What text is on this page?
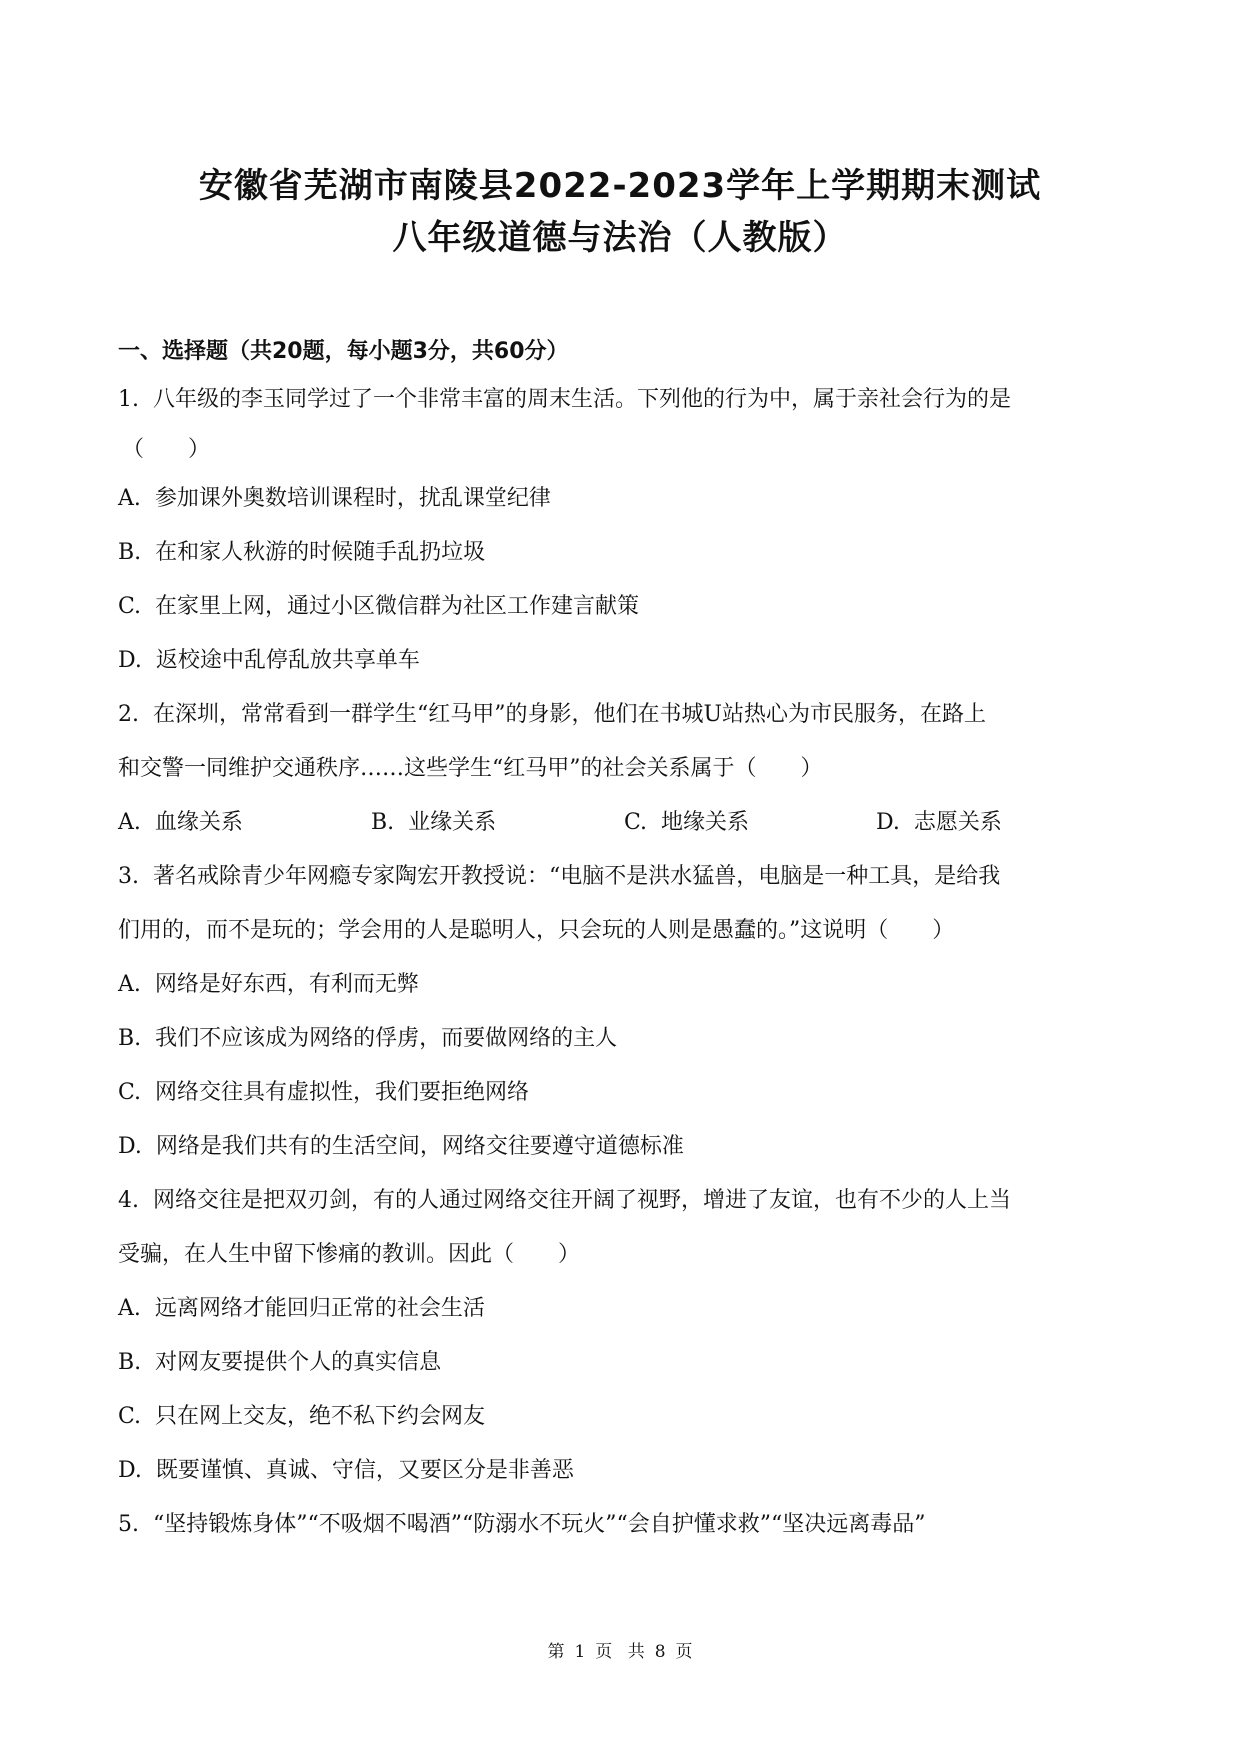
安徽省芜湖市南陵县2022-2023学年上学期期末测试
八年级道德与法治（人教版）
一、选择题（共20题，每小题3分，共60分）
1. 八年级的李玉同学过了一个非常丰富的周末生活。下列他的行为中，属于亲社会行为的是
（　　）
A. 参加课外奥数培训课程时，扰乱课堂纪律
B. 在和家人秋游的时候随手乱扔垃圾
C. 在家里上网，通过小区微信群为社区工作建言献策
D. 返校途中乱停乱放共享单车
2. 在深圳，常常看到一群学生“红马甲”的身影，他们在书城U站热心为市民服务，在路上
和交警一同维护交通秩序……这些学生“红马甲”的社会关系属于（　　）
A. 血缘关系	B. 业缘关系	C. 地缘关系	D. 志愿关系
3. 著名戒除青少年网瘾专家陶宏开教授说：“电脑不是洪水猛兽，电脑是一种工具，是给我
们用的，而不是玩的；学会用的人是聪明人，只会玩的人则是愚蠢的。”这说明（　　）
A. 网络是好东西，有利而无弊
B. 我们不应该成为网络的俘虏，而要做网络的主人
C. 网络交往具有虚拟性，我们要拒绝网络
D. 网络是我们共有的生活空间，网络交往要遵守道德标准
4. 网络交往是把双刃剑，有的人通过网络交往开阔了视野，增进了友谊，也有不少的人上当
受骗，在人生中留下惨痛的教训。因此（　　）
A. 远离网络才能回归正常的社会生活
B. 对网友要提供个人的真实信息
C. 只在网上交友，绝不私下约会网友
D. 既要谨慎、真诚、守信，又要区分是非善恶
5. “坚持锻炼身体”“不吸烟不喝酒”“防溺水不玩火”“会自护懂求救”“坚决远离毒品”
第 1 页 共 8 页
